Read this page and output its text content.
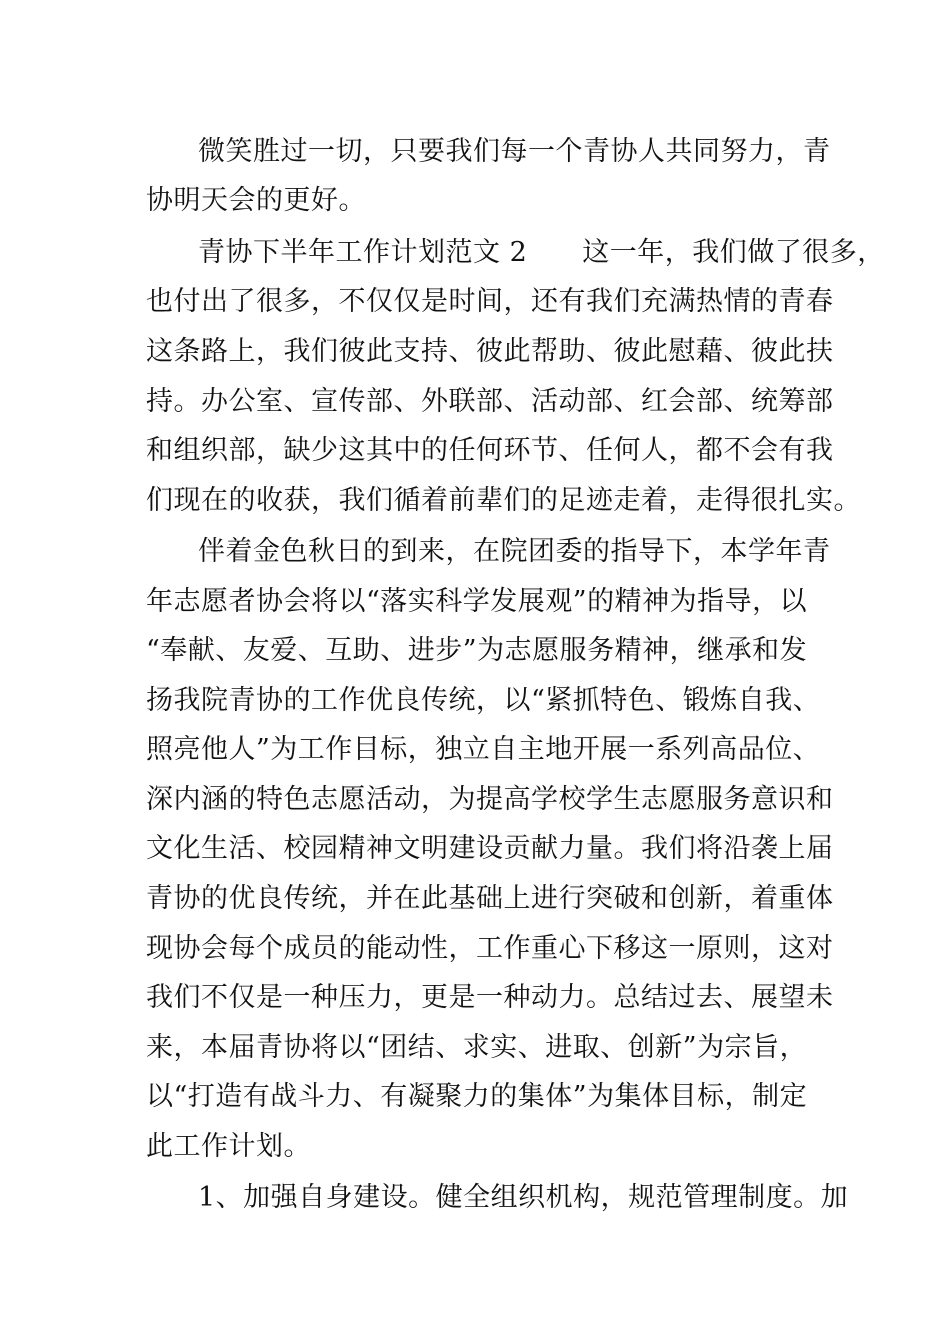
微笑胜过一切，只要我们每一个青协人共同努力，青
协明天会的更好。
青协下半年工作计划范文 2　　这一年，我们做了很多，
也付出了很多，不仅仅是时间，还有我们充满热情的青春
这条路上，我们彼此支持、彼此帮助、彼此慰藉、彼此扶
持。办公室、宣传部、外联部、活动部、红会部、统筹部
和组织部，缺少这其中的任何环节、任何人，都不会有我
们现在的收获，我们循着前辈们的足迹走着，走得很扎实。
伴着金色秋日的到来，在院团委的指导下，本学年青
年志愿者协会将以“落实科学发展观”的精神为指导，以
“奉献、友爱、互助、进步”为志愿服务精神，继承和发
扬我院青协的工作优良传统，以“紧抓特色、锻炼自我、
照亮他人”为工作目标，独立自主地开展一系列高品位、
深内涵的特色志愿活动，为提高学校学生志愿服务意识和
文化生活、校园精神文明建设贡献力量。我们将沿袭上届
青协的优良传统，并在此基础上进行突破和创新，着重体
现协会每个成员的能动性，工作重心下移这一原则，这对
我们不仅是一种压力，更是一种动力。总结过去、展望未
来，本届青协将以“团结、求实、进取、创新”为宗旨，
以“打造有战斗力、有凝聚力的集体”为集体目标，制定
此工作计划。
1、加强自身建设。健全组织机构，规范管理制度。加
